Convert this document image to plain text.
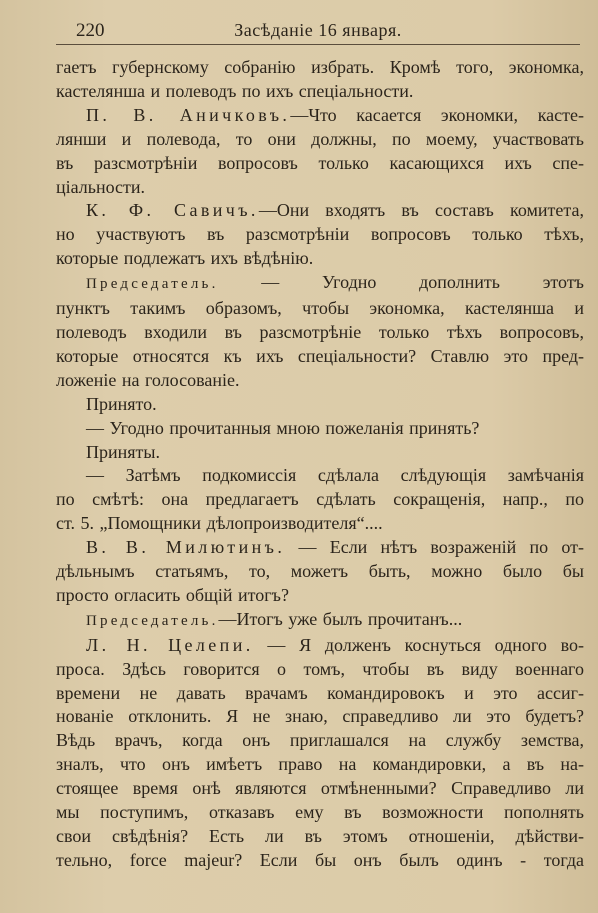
220	Засѣданіе 16 января.

гаетъ губернскому собранію избрать. Кромѣ того, экономка,

кастелянша и полеводъ по ихъ спеціальности.

П. В. Аничковъ.—Что касается экономки, касте-

лянши и полевода, то они должны, по моему, участвовать

въ разсмотрѣніи вопросовъ только касающихся ихъ спе-

ціальности.

К. Ф. Савичъ.—Они входятъ въ составъ комитета,

но участвуютъ въ разсмотрѣніи вопросовъ только тѣхъ,

которые подлежатъ ихъ вѣдѣнію.

Председатель. — Угодно дополнить этотъ

пунктъ такимъ образомъ, чтобы экономка, кастелянша и

полеводъ входили въ разсмотрѣніе только тѣхъ вопросовъ,

которые относятся къ ихъ спеціальности? Ставлю это пред-

ложеніе на голосованіе.

Принято.

— Угодно прочитанныя мною пожеланія принять?

Приняты.

— Затѣмъ подкомиссія сдѣлала слѣдующія замѣчанія

по смѣтѣ: она предлагаетъ сдѣлать сокращенія, напр., по

ст. 5. „Помощники дѣлопроизводителя“....

В. В. Милютинъ. — Если нѣтъ возраженій по от-

дѣльнымъ статьямъ, то, можетъ быть, можно было бы

просто огласить общій итогъ?

Председатель.—Итогъ уже былъ прочитанъ...

Л. Н. Целепи. — Я долженъ коснуться одного во-

проса. Здѣсь говорится о томъ, чтобы въ виду военнаго

времени не давать врачамъ командировокъ и это ассиг-

нованіе отклонить. Я не знаю, справедливо ли это будетъ?

Вѣдь врачъ, когда онъ приглашался на службу земства,

зналъ, что онъ имѣетъ право на командировки, а въ на-

стоящее время онѣ являются отмѣненными? Справедливо ли

мы поступимъ, отказавъ ему въ возможности пополнять

свои свѣдѣнія? Есть ли въ этомъ отношеніи, дѣйстви-

тельно, force majeur? Если бы онъ былъ одинъ - тогда
